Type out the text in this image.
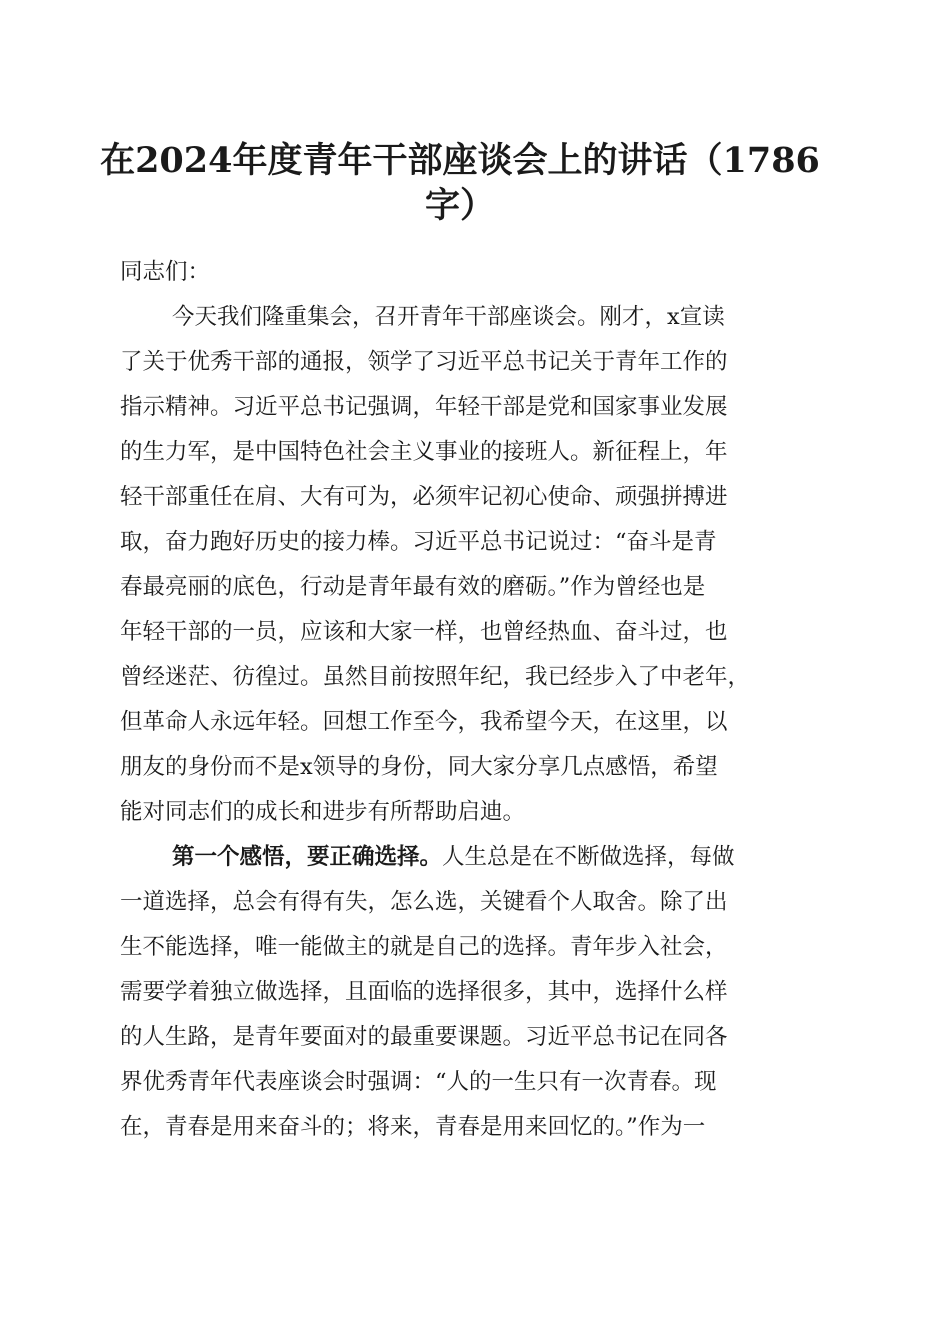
在2024年度青年干部座谈会上的讲话（1786
字）
同志们：
今天我们隆重集会，召开青年干部座谈会。刚才，x宣读
了关于优秀干部的通报，领学了习近平总书记关于青年工作的
指示精神。习近平总书记强调，年轻干部是党和国家事业发展
的生力军，是中国特色社会主义事业的接班人。新征程上，年
轻干部重任在肩、大有可为，必须牢记初心使命、顽强拼搏进
取，奋力跑好历史的接力棒。习近平总书记说过：“奋斗是青
春最亮丽的底色，行动是青年最有效的磨砺。”作为曾经也是
年轻干部的一员，应该和大家一样，也曾经热血、奋斗过，也
曾经迷茫、彷徨过。虽然目前按照年纪，我已经步入了中老年，
但革命人永远年轻。回想工作至今，我希望今天，在这里，以
朋友的身份而不是x领导的身份，同大家分享几点感悟，希望
能对同志们的成长和进步有所帮助启迪。
第一个感悟，要正确选择。人生总是在不断做选择，每做
一道选择，总会有得有失，怎么选，关键看个人取舍。除了出
生不能选择，唯一能做主的就是自己的选择。青年步入社会，
需要学着独立做选择，且面临的选择很多，其中，选择什么样
的人生路，是青年要面对的最重要课题。习近平总书记在同各
界优秀青年代表座谈会时强调：“人的一生只有一次青春。现
在，青春是用来奋斗的；将来，青春是用来回忆的。”作为一
